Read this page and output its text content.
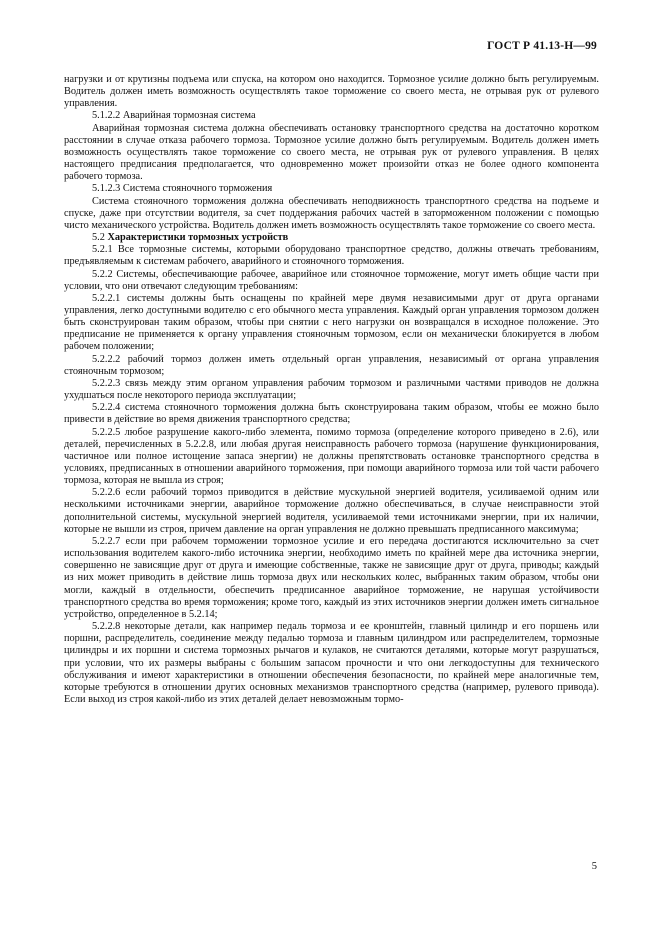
ГОСТ Р 41.13-Н—99

нагрузки и от крутизны подъема или спуска, на котором оно находится. Тормозное усилие должно быть регулируемым. Водитель должен иметь возможность осуществлять такое торможение со своего места, не отрывая рук от рулевого управления.

5.1.2.2 Аварийная тормозная система

Аварийная тормозная система должна обеспечивать остановку транспортного средства на достаточно коротком расстоянии в случае отказа рабочего тормоза. Тормозное усилие должно быть регулируемым. Водитель должен иметь возможность осуществлять такое торможение со своего места, не отрывая рук от рулевого управления. В целях настоящего предписания предполагается, что одновременно может произойти отказ не более одного компонента рабочего тормоза.

5.1.2.3 Система стояночного торможения

Система стояночного торможения должна обеспечивать неподвижность транспортного средства на подъеме и спуске, даже при отсутствии водителя, за счет поддержания рабочих частей в заторможенном положении с помощью чисто механического устройства. Водитель должен иметь возможность осуществлять такое торможение со своего места.

5.2 Характеристики тормозных устройств

5.2.1 Все тормозные системы, которыми оборудовано транспортное средство, должны отвечать требованиям, предъявляемым к системам рабочего, аварийного и стояночного торможения.

5.2.2 Системы, обеспечивающие рабочее, аварийное или стояночное торможение, могут иметь общие части при условии, что они отвечают следующим требованиям:

5.2.2.1 системы должны быть оснащены по крайней мере двумя независимыми друг от друга органами управления, легко доступными водителю с его обычного места управления. Каждый орган управления тормозом должен быть сконструирован таким образом, чтобы при снятии с него нагрузки он возвращался в исходное положение. Это предписание не применяется к органу управления стояночным тормозом, если он механически блокируется в любом рабочем положении;

5.2.2.2 рабочий тормоз должен иметь отдельный орган управления, независимый от органа управления стояночным тормозом;

5.2.2.3 связь между этим органом управления рабочим тормозом и различными частями приводов не должна ухудшаться после некоторого периода эксплуатации;

5.2.2.4 система стояночного торможения должна быть сконструирована таким образом, чтобы ее можно было привести в действие во время движения транспортного средства;

5.2.2.5 любое разрушение какого-либо элемента, помимо тормоза (определение которого приведено в 2.6), или деталей, перечисленных в 5.2.2.8, или любая другая неисправность рабочего тормоза (нарушение функционирования, частичное или полное истощение запаса энергии) не должны препятствовать остановке транспортного средства в условиях, предписанных в отношении аварийного торможения, при помощи аварийного тормоза или той части рабочего тормоза, которая не вышла из строя;

5.2.2.6 если рабочий тормоз приводится в действие мускульной энергией водителя, усиливаемой одним или несколькими источниками энергии, аварийное торможение должно обеспечиваться, в случае неисправности этой дополнительной системы, мускульной энергией водителя, усиливаемой теми источниками энергии, при их наличии, которые не вышли из строя, причем давление на орган управления не должно превышать предписанного максимума;

5.2.2.7 если при рабочем торможении тормозное усилие и его передача достигаются исключительно за счет использования водителем какого-либо источника энергии, необходимо иметь по крайней мере два источника энергии, совершенно не зависящие друг от друга и имеющие собственные, также не зависящие друг от друга, приводы; каждый из них может приводить в действие лишь тормоза двух или нескольких колес, выбранных таким образом, чтобы они могли, каждый в отдельности, обеспечить предписанное аварийное торможение, не нарушая устойчивости транспортного средства во время торможения; кроме того, каждый из этих источников энергии должен иметь сигнальное устройство, определенное в 5.2.14;

5.2.2.8 некоторые детали, как например педаль тормоза и ее кронштейн, главный цилиндр и его поршень или поршни, распределитель, соединение между педалью тормоза и главным цилиндром или распределителем, тормозные цилиндры и их поршни и система тормозных рычагов и кулаков, не считаются деталями, которые могут разрушаться, при условии, что их размеры выбраны с большим запасом прочности и что они легкодоступны для технического обслуживания и имеют характеристики в отношении обеспечения безопасности, по крайней мере аналогичные тем, которые требуются в отношении других основных механизмов транспортного средства (например, рулевого привода). Если выход из строя какой-либо из этих деталей делает невозможным тормо-

5
